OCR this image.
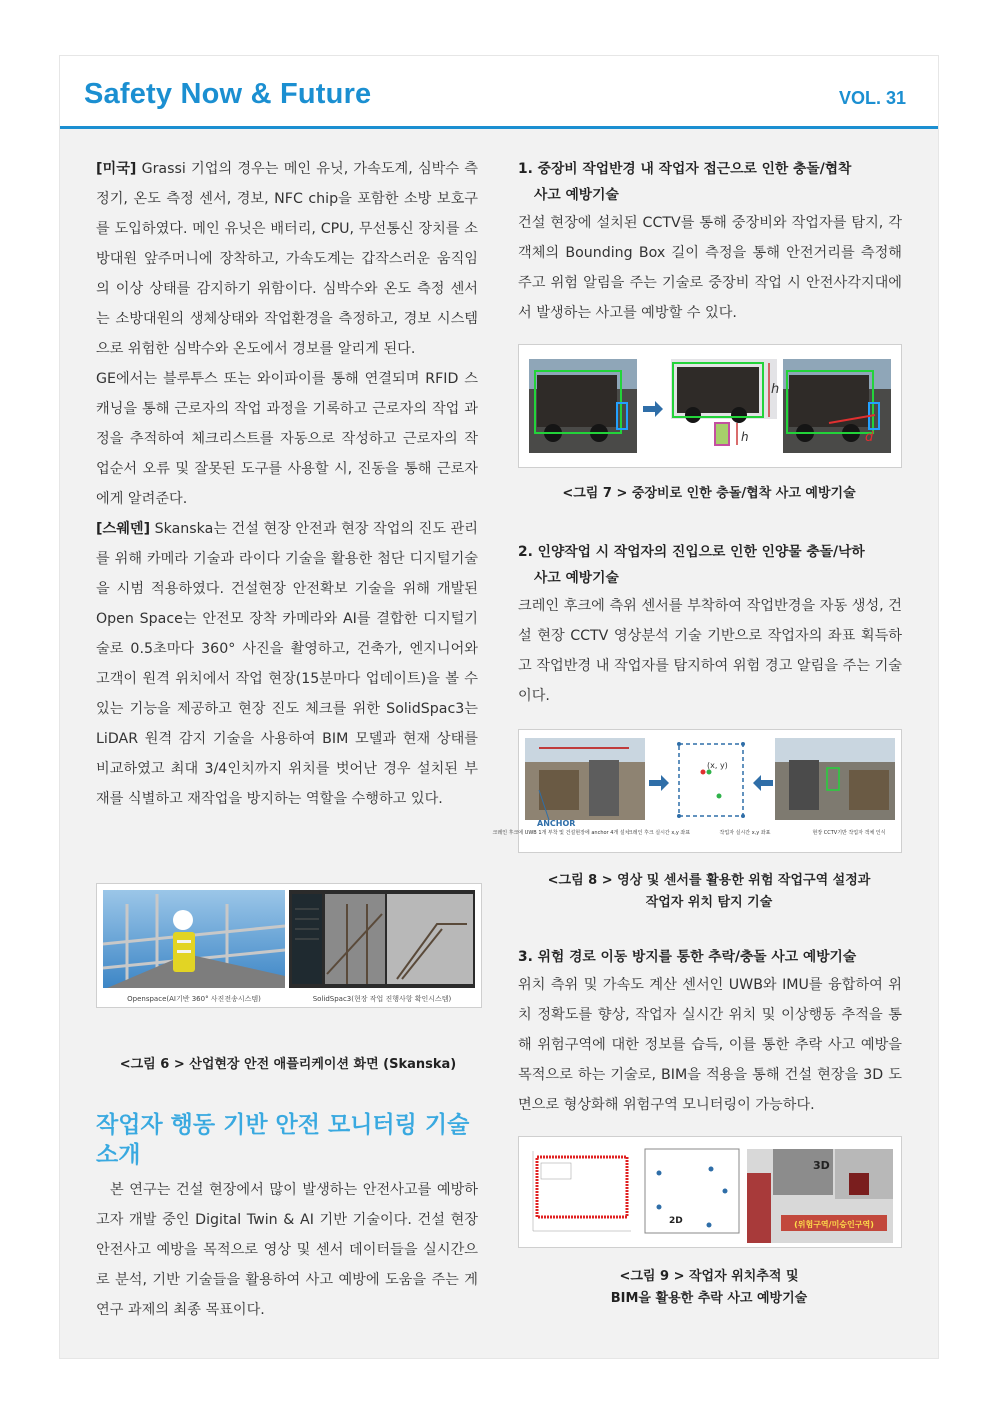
Safety Now & Future	VOL. 31

[미국] Grassi 기업의 경우는 메인 유닛, 가속도계, 심박수 측정기, 온도 측정 센서, 경보, NFC chip을 포함한 소방 보호구를 도입하였다. 메인 유닛은 배터리, CPU, 무선통신 장치를 소방대원 앞주머니에 장착하고, 가속도계는 갑작스러운 움직임의 이상 상태를 감지하기 위함이다. 심박수와 온도 측정 센서는 소방대원의 생체상태와 작업환경을 측정하고, 경보 시스템으로 위험한 심박수와 온도에서 경보를 알리게 된다.

GE에서는 블루투스 또는 와이파이를 통해 연결되며 RFID 스캐닝을 통해 근로자의 작업 과정을 기록하고 근로자의 작업 과정을 추적하여 체크리스트를 자동으로 작성하고 근로자의 작업순서 오류 및 잘못된 도구를 사용할 시, 진동을 통해 근로자에게 알려준다.

[스웨덴] Skanska는 건설 현장 안전과 현장 작업의 진도 관리를 위해 카메라 기술과 라이다 기술을 활용한 첨단 디지털기술을 시범 적용하였다. 건설현장 안전확보 기술을 위해 개발된 Open Space는 안전모 장착 카메라와 AI를 결합한 디지털기술로 0.5초마다 360° 사진을 촬영하고, 건축가, 엔지니어와 고객이 원격 위치에서 작업 현장(15분마다 업데이트)을 볼 수 있는 기능을 제공하고 현장 진도 체크를 위한 SolidSpac3는 LiDAR 원격 감지 기술을 사용하여 BIM 모델과 현재 상태를 비교하였고 최대 3/4인치까지 위치를 벗어난 경우 설치된 부재를 식별하고 재작업을 방지하는 역할을 수행하고 있다.

Openspace(AI기반 360° 사진전송시스템)	SolidSpac3(현장 작업 진행사항 확인시스템)
<그림 6 > 산업현장 안전 애플리케이션 화면 (Skanska)
작업자 행동 기반 안전 모니터링 기술 소개

본 연구는 건설 현장에서 많이 발생하는 안전사고를 예방하고자 개발 중인 Digital Twin & AI 기반 기술이다. 건설 현장 안전사고 예방을 목적으로 영상 및 센서 데이터들을 실시간으로 분석, 기반 기술들을 활용하여 사고 예방에 도움을 주는 게 연구 과제의 최종 목표이다.

1. 중장비 작업반경 내 작업자 접근으로 인한 충돌/협착
사고 예방기술

건설 현장에 설치된 CCTV를 통해 중장비와 작업자를 탐지, 각 객체의 Bounding Box 길이 측정을 통해 안전거리를 측정해 주고 위험 알림을 주는 기술로 중장비 작업 시 안전사각지대에서 발생하는 사고를 예방할 수 있다.

h
h	d
<그림 7 > 중장비로 인한 충돌/협착 사고 예방기술
2. 인양작업 시 작업자의 진입으로 인한 인양물 충돌/낙하
사고 예방기술

크레인 후크에 측위 센서를 부착하여 작업반경을 자동 생성, 건설 현장 CCTV 영상분석 기술 기반으로 작업자의 좌표 획득하고 작업반경 내 작업자를 탐지하여 위험 경고 알림을 주는 기술이다.

ANCHOR
(x, y)
크레인 후크에 UWB 1개 부착 및 건설현장에 anchor 4개 설치
크레인 후크 실시간 x,y 좌표	작업자 실시간 x,y 좌표	현장 CCTV기반 작업자 객체 인식
<그림 8 > 영상 및 센서를 활용한 위험 작업구역 설정과
작업자 위치 탐지 기술
3. 위험 경로 이동 방지를 통한 추락/충돌 사고 예방기술

위치 측위 및 가속도 계산 센서인 UWB와 IMU를 융합하여 위치 정확도를 향상, 작업자 실시간 위치 및 이상행동 추적을 통해 위험구역에 대한 정보를 습득, 이를 통한 추락 사고 예방을 목적으로 하는 기술로, BIM을 적용을 통해 건설 현장을 3D 도면으로 형상화해 위험구역 모니터링이 가능하다.

2D
3D
(위험구역/미승인구역)
<그림 9 > 작업자 위치추적 및
BIM을 활용한 추락 사고 예방기술
